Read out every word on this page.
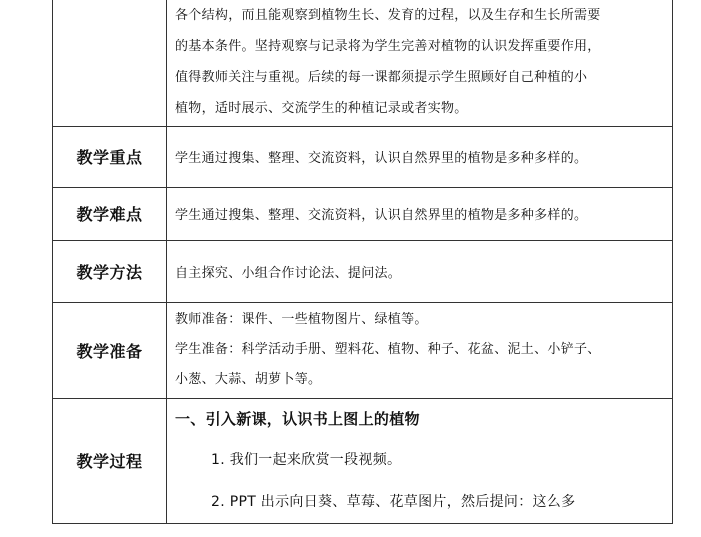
	各个结构，而且能观察到植物生长、发育的过程，以及生存和生长所需要
的基本条件。坚持观察与记录将为学生完善对植物的认识发挥重要作用，
值得教师关注与重视。后续的每一课都须提示学生照顾好自己种植的小
植物，适时展示、交流学生的种植记录或者实物。

教学重点	学生通过搜集、整理、交流资料，认识自然界里的植物是多种多样的。
教学难点	学生通过搜集、整理、交流资料，认识自然界里的植物是多种多样的。
教学方法	自主探究、小组合作讨论法、提问法。
教学准备	教师准备：课件、一些植物图片、绿植等。
学生准备：科学活动手册、塑料花、植物、种子、花盆、泥土、小铲子、
小葱、大蒜、胡萝卜等。

教学过程	一、引入新课，认识书上图上的植物
1. 我们一起来欣赏一段视频。
2. PPT 出示向日葵、草莓、花草图片，然后提问：这么多
